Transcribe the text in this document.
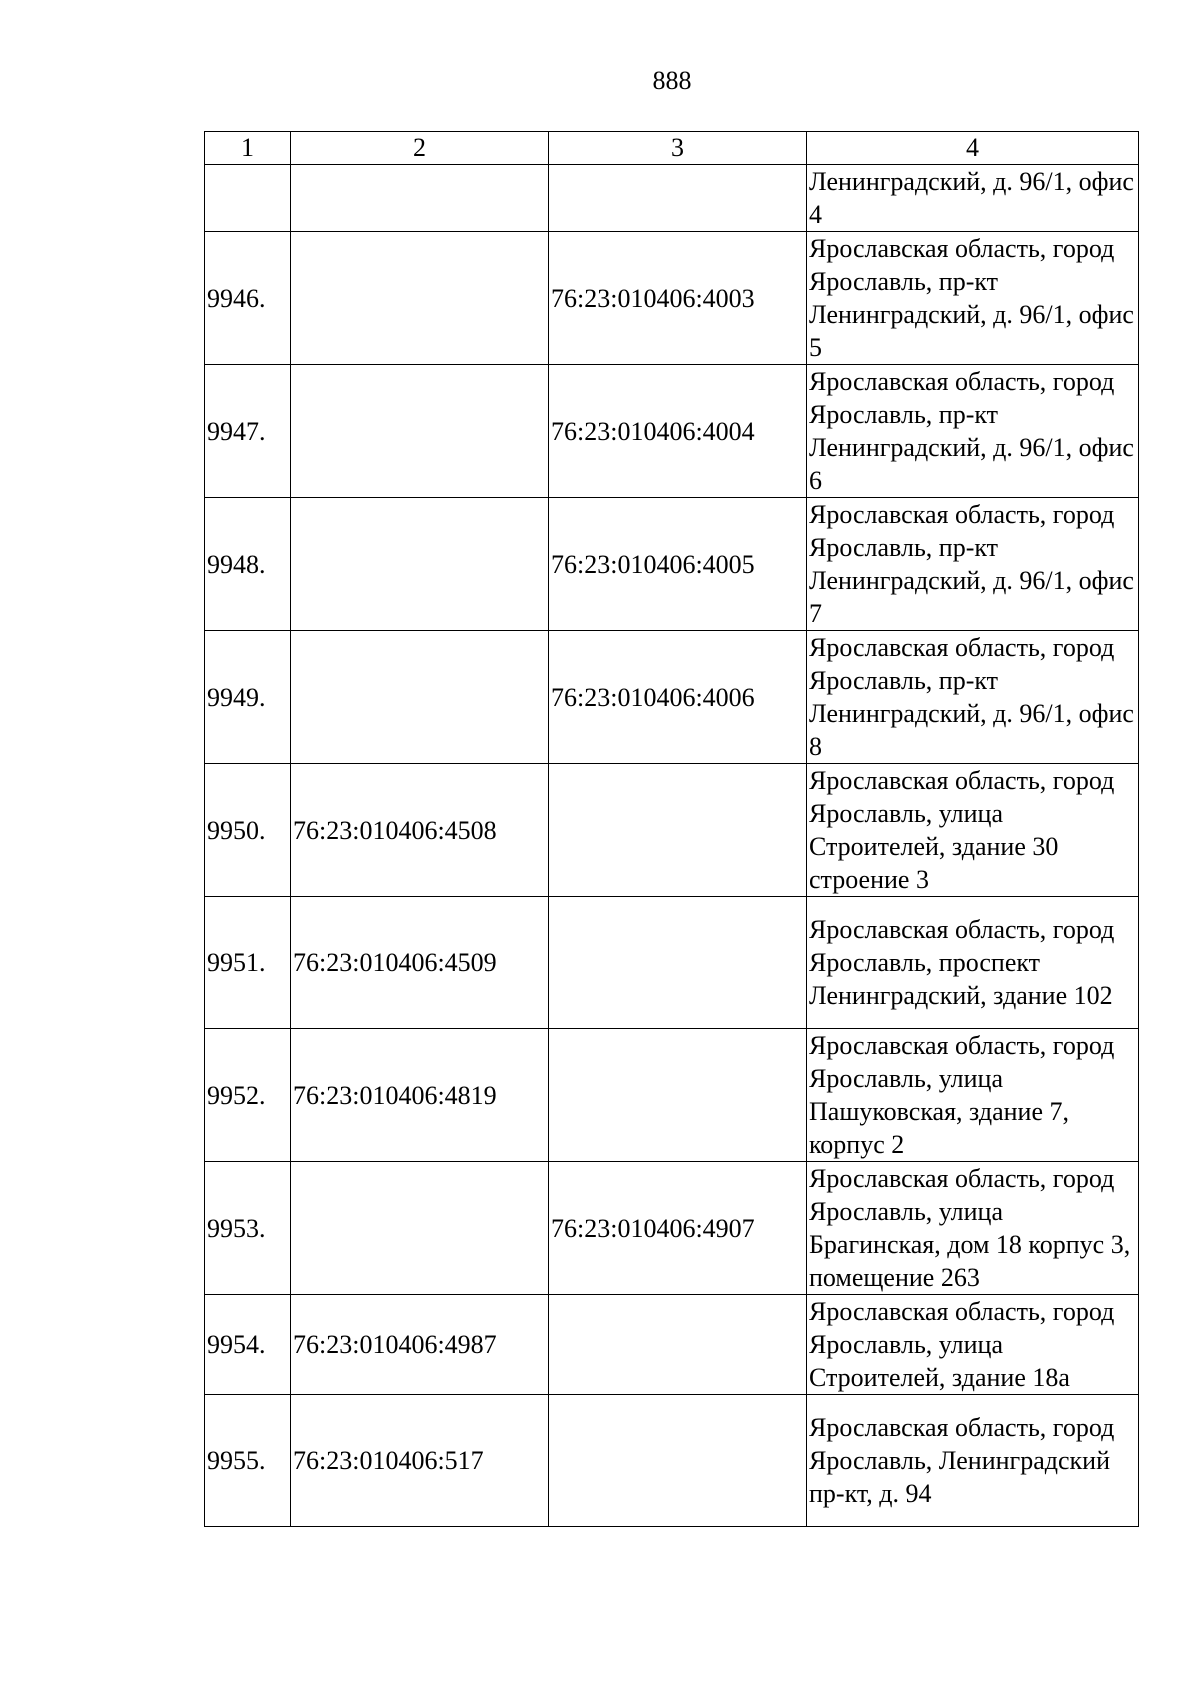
888
1	2	3	4
			Ленинградский, д. 96/1, офис 4
9946.		76:23:010406:4003	Ярославская область, город Ярославль, пр-кт Ленинградский, д. 96/1, офис 5
9947.		76:23:010406:4004	Ярославская область, город Ярославль, пр-кт Ленинградский, д. 96/1, офис 6
9948.		76:23:010406:4005	Ярославская область, город Ярославль, пр-кт Ленинградский, д. 96/1, офис 7
9949.		76:23:010406:4006	Ярославская область, город Ярославль, пр-кт Ленинградский, д. 96/1, офис 8
9950.	76:23:010406:4508		Ярославская область, город Ярославль, улица Строителей, здание 30 строение 3
9951.	76:23:010406:4509		Ярославская область, город Ярославль, проспект Ленинградский, здание 102
9952.	76:23:010406:4819		Ярославская область, город Ярославль, улица Пашуковская, здание 7, корпус 2
9953.		76:23:010406:4907	Ярославская область, город Ярославль, улица Брагинская, дом 18 корпус 3, помещение 263
9954.	76:23:010406:4987		Ярославская область, город Ярославль, улица Строителей, здание 18а
9955.	76:23:010406:517		Ярославская область, город Ярославль, Ленинградский пр-кт, д. 94
